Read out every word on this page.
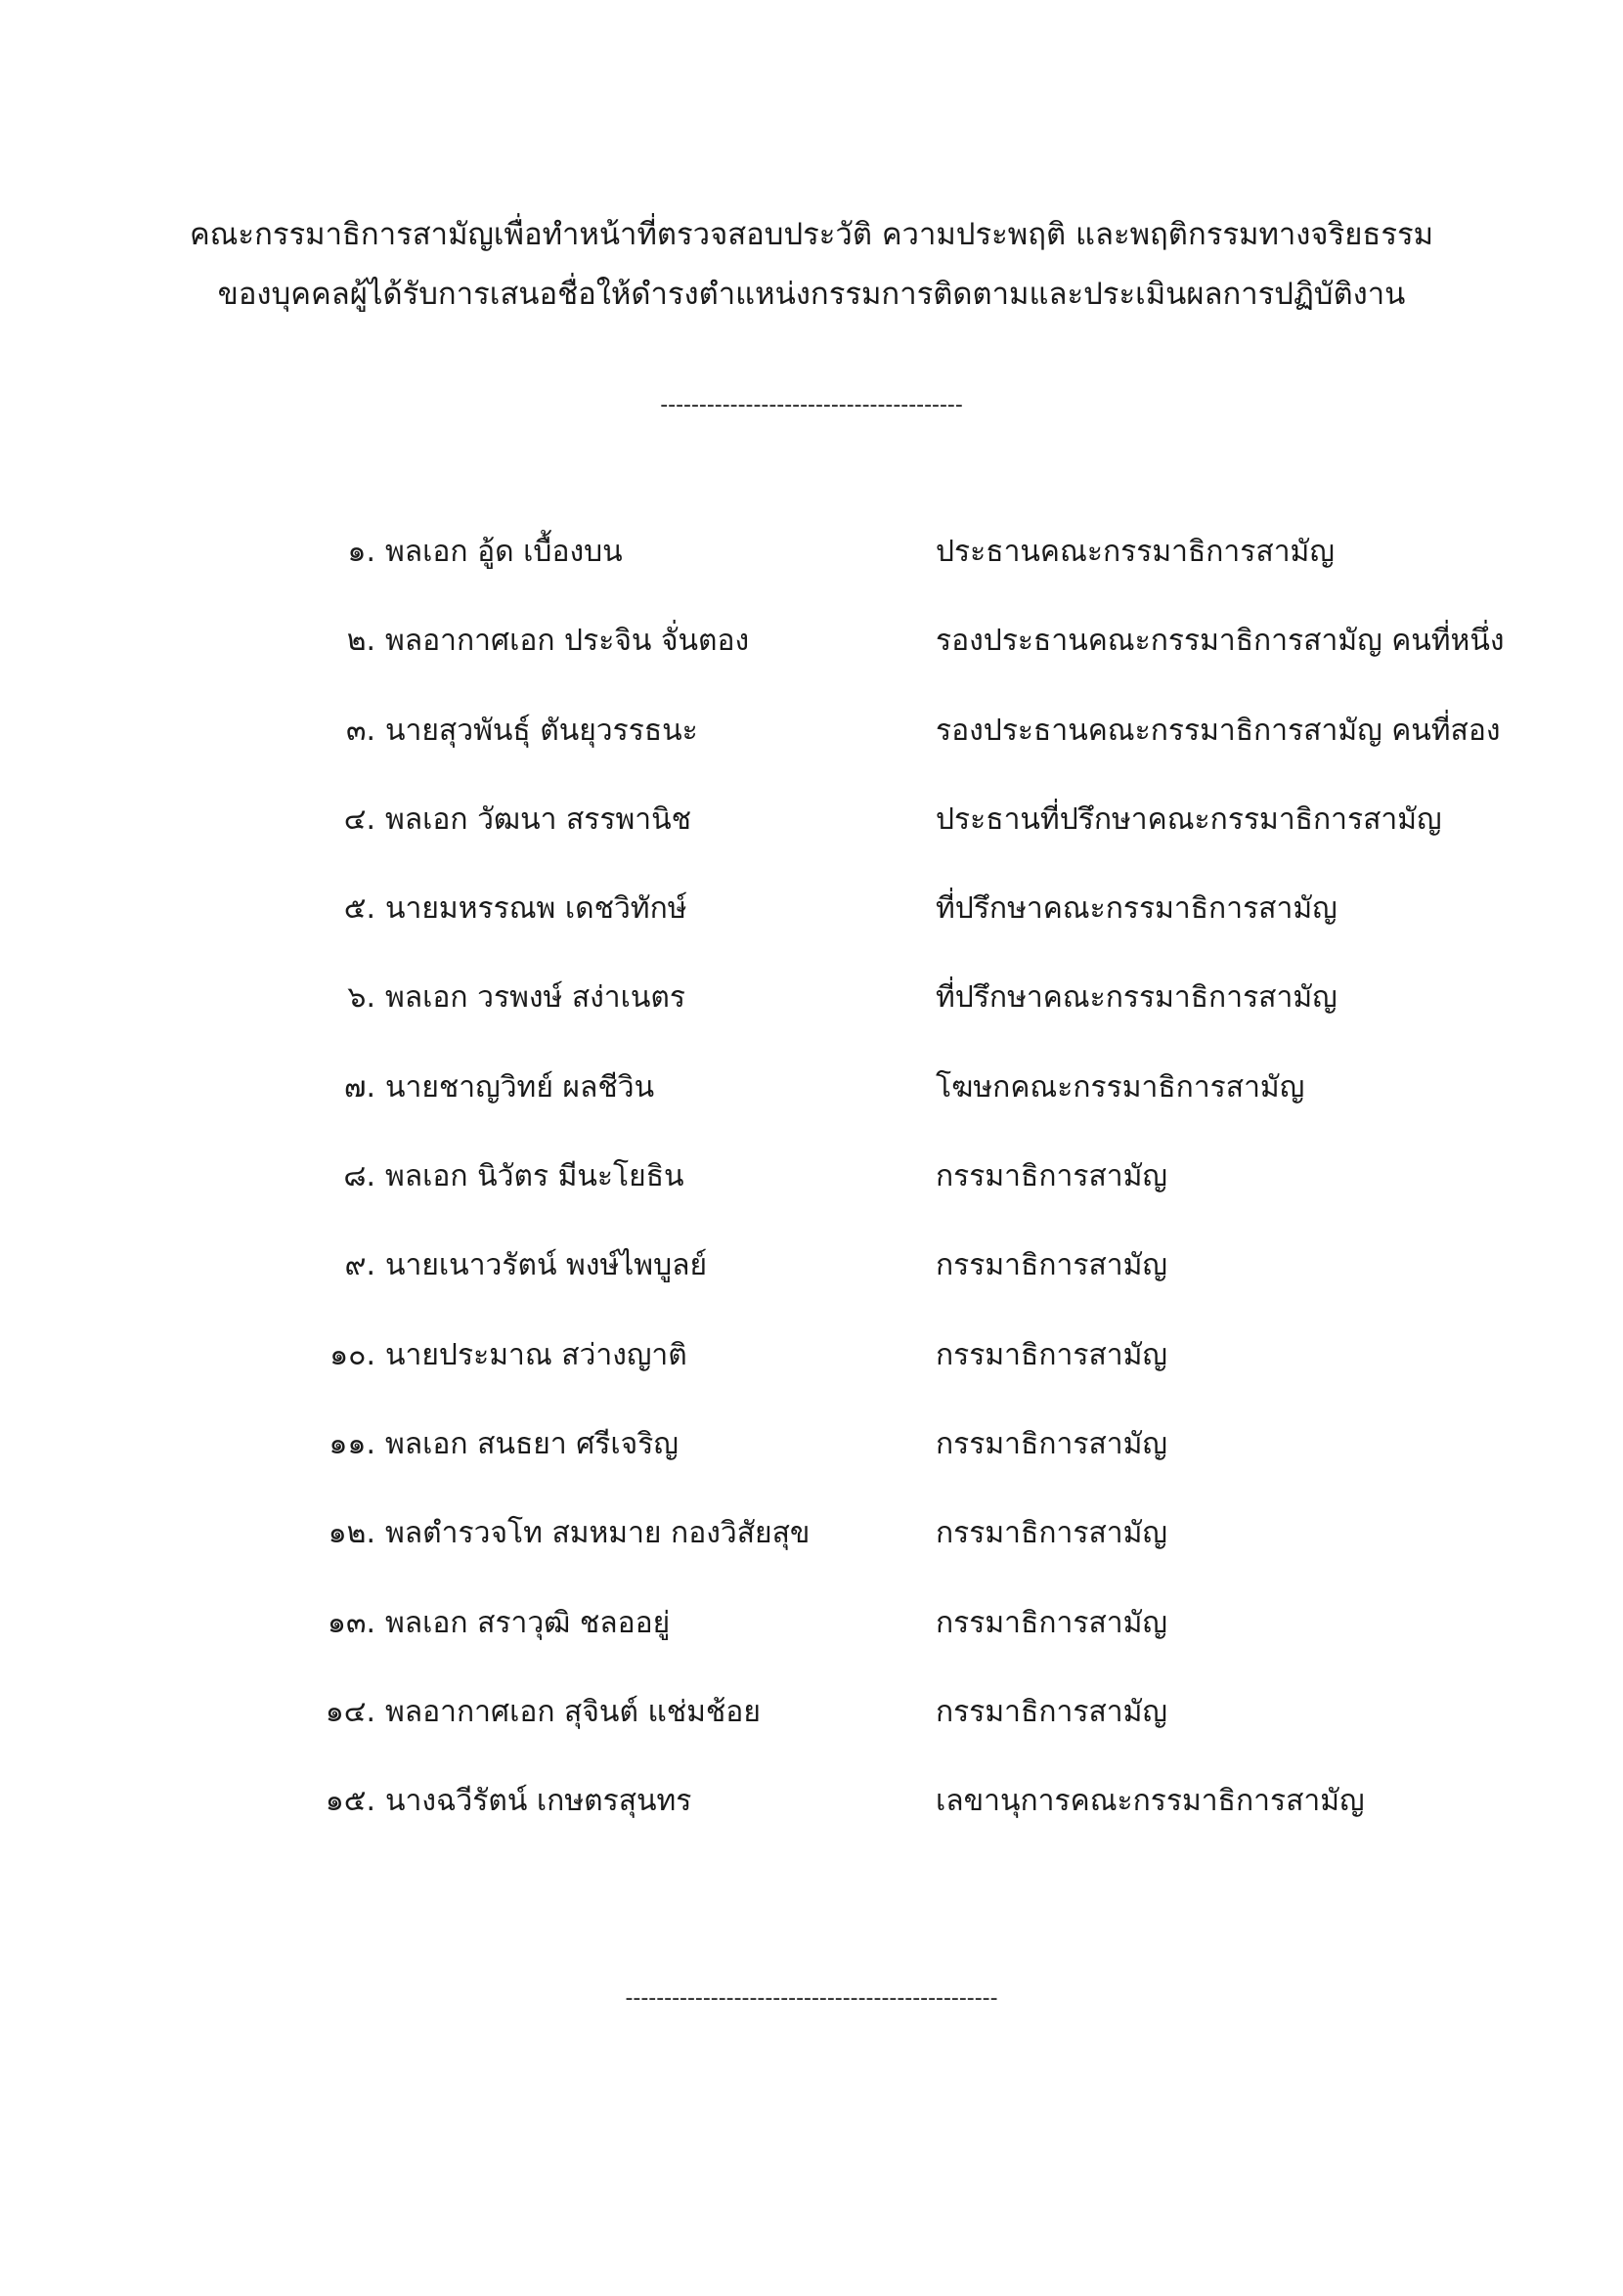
คณะกรรมาธิการสามัญเพื่อทำหน้าที่ตรวจสอบประวัติ ความประพฤติ และพฤติกรรมทางจริยธรรม
ของบุคคลผู้ได้รับการเสนอชื่อให้ดำรงตำแหน่งกรรมการติดตามและประเมินผลการปฏิบัติงาน
---------------------------------------
๑. พลเอก อู้ด เบื้องบน	ประธานคณะกรรมาธิการสามัญ
๒. พลอากาศเอก ประจิน จั่นตอง	รองประธานคณะกรรมาธิการสามัญ คนที่หนึ่ง
๓. นายสุวพันธุ์ ตันยุวรรธนะ	รองประธานคณะกรรมาธิการสามัญ คนที่สอง
๔. พลเอก วัฒนา สรรพานิช	ประธานที่ปรึกษาคณะกรรมาธิการสามัญ
๕. นายมหรรณพ เดชวิทักษ์	ที่ปรึกษาคณะกรรมาธิการสามัญ
๖. พลเอก วรพงษ์ สง่าเนตร	ที่ปรึกษาคณะกรรมาธิการสามัญ
๗. นายชาญวิทย์ ผลชีวิน	โฆษกคณะกรรมาธิการสามัญ
๘. พลเอก นิวัตร มีนะโยธิน	กรรมาธิการสามัญ
๙. นายเนาวรัตน์ พงษ์ไพบูลย์	กรรมาธิการสามัญ
๑๐. นายประมาณ สว่างญาติ	กรรมาธิการสามัญ
๑๑. พลเอก สนธยา ศรีเจริญ	กรรมาธิการสามัญ
๑๒. พลตำรวจโท สมหมาย กองวิสัยสุข	กรรมาธิการสามัญ
๑๓. พลเอก สราวุฒิ ชลออยู่	กรรมาธิการสามัญ
๑๔. พลอากาศเอก สุจินต์ แช่มช้อย	กรรมาธิการสามัญ
๑๕. นางฉวีรัตน์ เกษตรสุนทร	เลขานุการคณะกรรมาธิการสามัญ
------------------------------------------------
